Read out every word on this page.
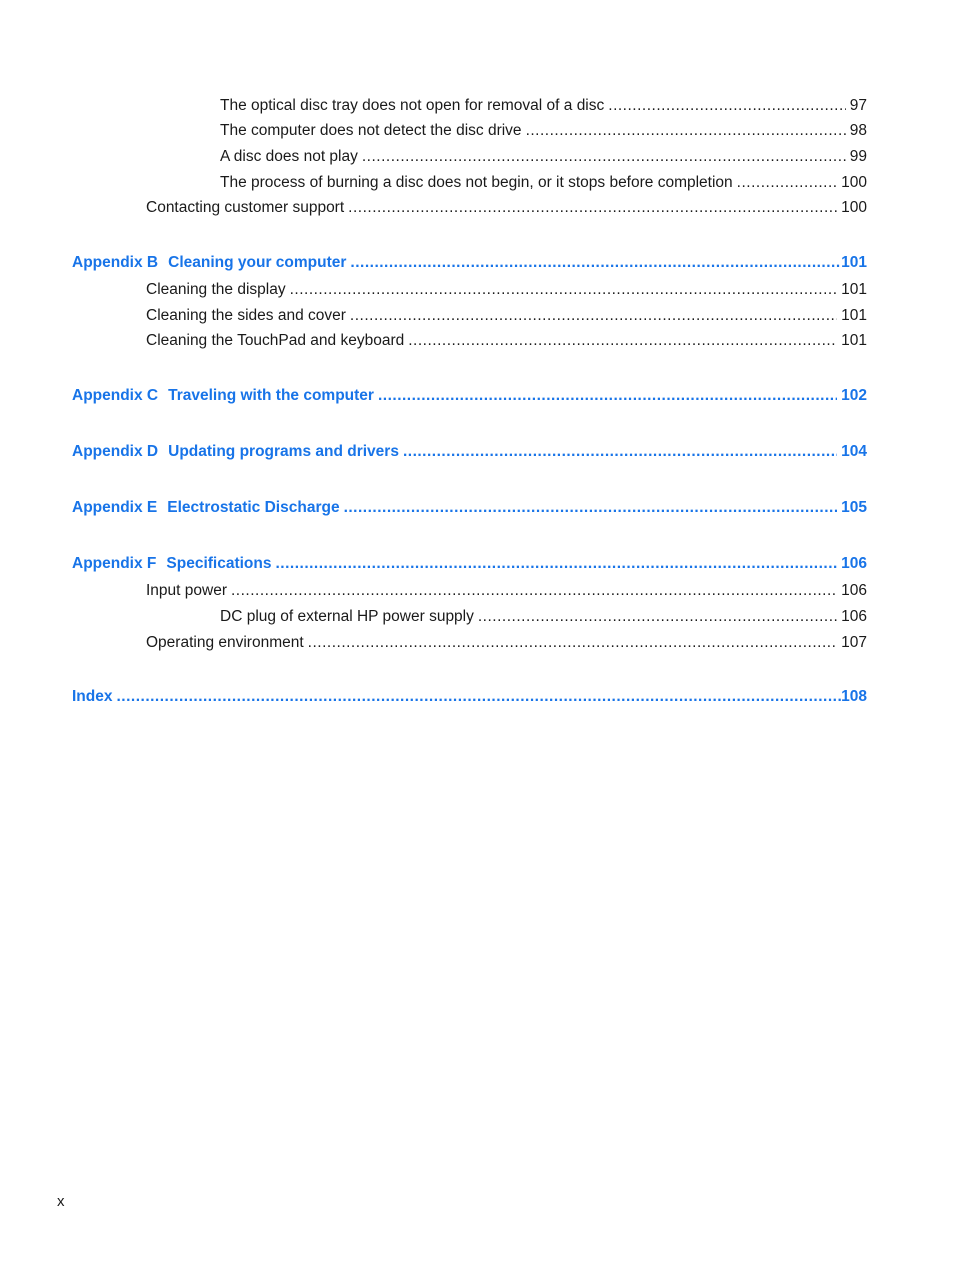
The optical disc tray does not open for removal of a disc .....	97
The computer does not detect the disc drive .....	98
A disc does not play .....	99
The process of burning a disc does not begin, or it stops before completion .....	100
Contacting customer support .....	100
Appendix B Cleaning your computer .....	101
Cleaning the display .....	101
Cleaning the sides and cover .....	101
Cleaning the TouchPad and keyboard .....	101
Appendix C Traveling with the computer .....	102
Appendix D Updating programs and drivers .....	104
Appendix E Electrostatic Discharge .....	105
Appendix F Specifications .....	106
Input power .....	106
DC plug of external HP power supply .....	106
Operating environment .....	107
Index .....	108
x
